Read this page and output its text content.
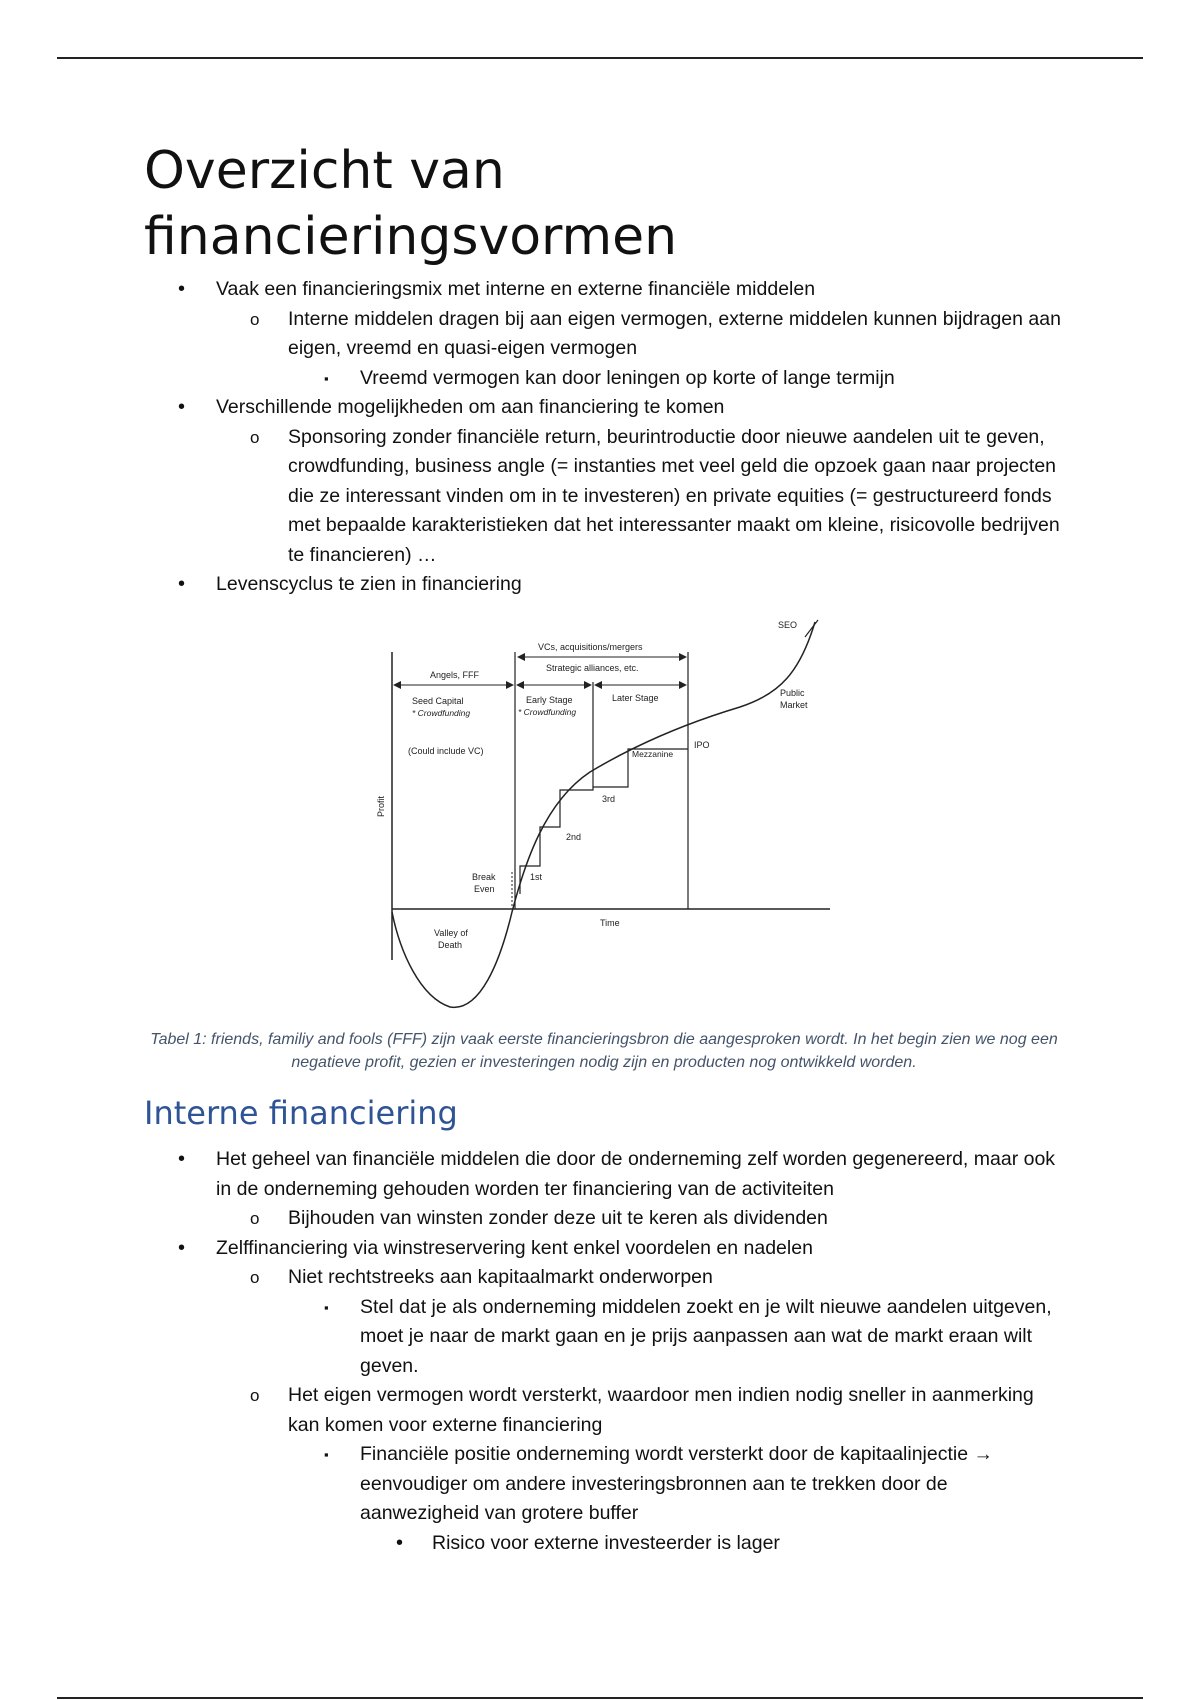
Overzicht van financieringsvormen
• Vaak een financieringsmix met interne en externe financiële middelen
o Interne middelen dragen bij aan eigen vermogen, externe middelen kunnen bijdragen aan eigen, vreemd en quasi-eigen vermogen
▪ Vreemd vermogen kan door leningen op korte of lange termijn
• Verschillende mogelijkheden om aan financiering te komen
o Sponsoring zonder financiële return, beurintroductie door nieuwe aandelen uit te geven, crowdfunding, business angle (= instanties met veel geld die opzoek gaan naar projecten die ze interessant vinden om in te investeren) en private equities (= gestructureerd fonds met bepaalde karakteristieken dat het interessanter maakt om kleine, risicovolle bedrijven te financieren) …
• Levenscyclus te zien in financiering
SEO
VCs, acquisitions/mergers
Strategic alliances, etc.
Angels, FFF
Seed Capital
* Crowdfunding
(Could include VC)
Early Stage
* Crowdfunding
Later Stage	Public
Market
IPO
Mezzanine
3rd
2nd
1st
Break
Even
Time
Profit
Valley of
Death
Tabel 1: friends, familiy and fools (FFF) zijn vaak eerste financieringsbron die aangesproken wordt. In het begin zien we nog een negatieve profit, gezien er investeringen nodig zijn en producten nog ontwikkeld worden.
Interne financiering
• Het geheel van financiële middelen die door de onderneming zelf worden gegenereerd, maar ook in de onderneming gehouden worden ter financiering van de activiteiten
o Bijhouden van winsten zonder deze uit te keren als dividenden
• Zelffinanciering via winstreservering kent enkel voordelen en nadelen
o Niet rechtstreeks aan kapitaalmarkt onderworpen
▪ Stel dat je als onderneming middelen zoekt en je wilt nieuwe aandelen uitgeven, moet je naar de markt gaan en je prijs aanpassen aan wat de markt eraan wilt geven.
o Het eigen vermogen wordt versterkt, waardoor men indien nodig sneller in aanmerking kan komen voor externe financiering
▪ Financiële positie onderneming wordt versterkt door de kapitaalinjectie → eenvoudiger om andere investeringsbronnen aan te trekken door de aanwezigheid van grotere buffer
• Risico voor externe investeerder is lager
